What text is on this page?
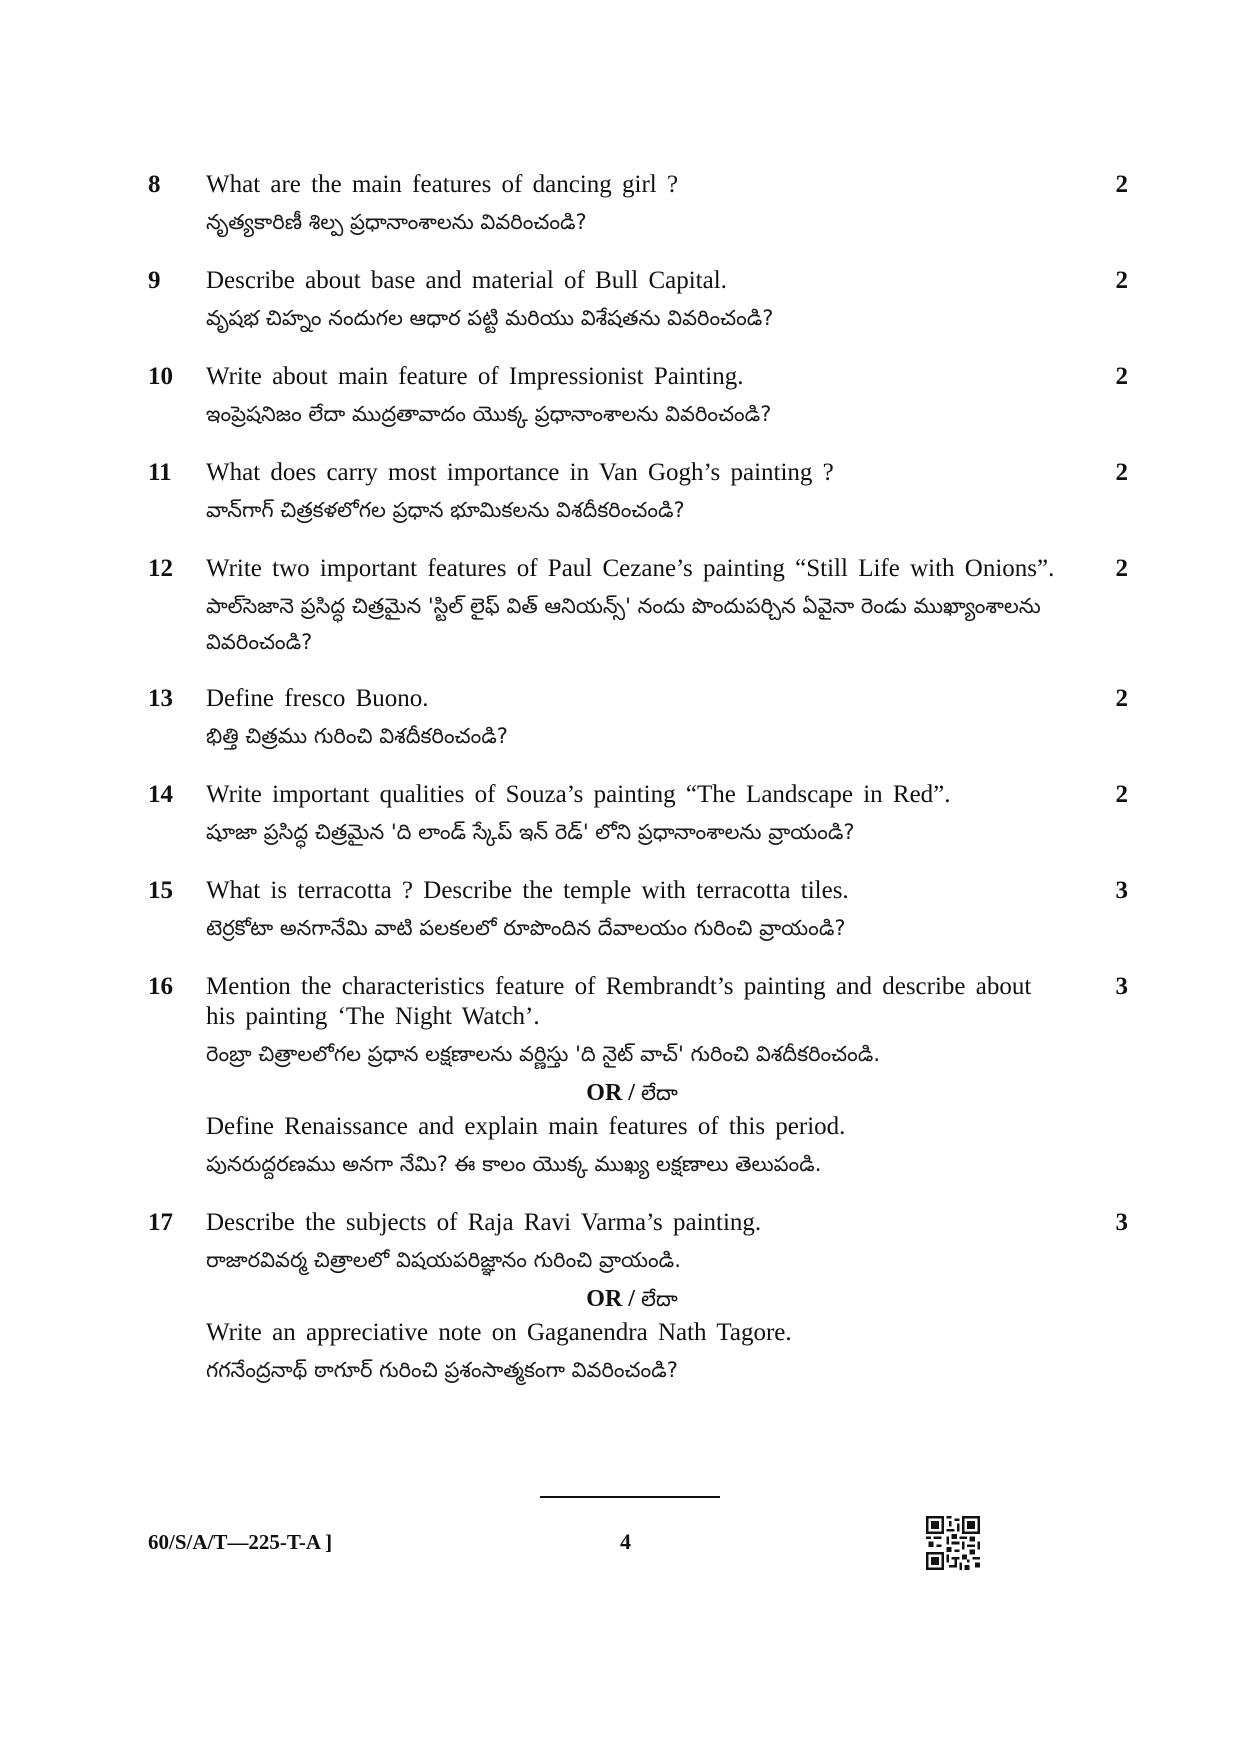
8 What are the main features of dancing girl ?

నృత్యకారిణీ శిల్ప ప్రధానాంశాలను వివరించండి?

2
9 Describe about base and material of Bull Capital.

వృషభ చిహ్నం నందుగల ఆధార పట్టి మరియు విశేషతను వివరించండి?

2
10 Write about main feature of Impressionist Painting.

ఇంప్రెషనిజం లేదా ముద్రతావాదం యొక్క ప్రధానాంశాలను వివరించండి?

2
11 What does carry most importance in Van Gogh’s painting ?

వాన్‌గాగ్ చిత్రకళలోగల ప్రధాన భూమికలను విశదీకరించండి?

2
12 Write two important features of Paul Cezane’s painting “Still Life with Onions”.

పాల్‌సెజానె ప్రసిద్ధ చిత్రమైన 'స్టిల్ లైఫ్ విత్ ఆనియన్స్' నందు పొందుపర్చిన ఏవైనా రెండు ముఖ్యాంశాలను వివరించండి?

2
13 Define fresco Buono.

భిత్తి చిత్రము గురించి విశదీకరించండి?

2
14 Write important qualities of Souza’s painting “The Landscape in Red”.

షూజా ప్రసిద్ధ చిత్రమైన 'ది లాండ్ స్కేప్ ఇన్ రెడ్' లోని ప్రధానాంశాలను వ్రాయండి?

2
15 What is terracotta ? Describe the temple with terracotta tiles.

టెర్రకోటా అనగానేమి వాటి పలకలలో రూపొందిన దేవాలయం గురించి వ్రాయండి?

3
16 Mention the characteristics feature of Rembrandt’s painting and describe about his painting ‘The Night Watch’.

రెంబ్రా చిత్రాలలోగల ప్రధాన లక్షణాలను వర్ణిస్తు 'ది నైట్ వాచ్' గురించి విశదీకరించండి.

OR / లేదా

Define Renaissance and explain main features of this period.

పునరుద్దరణము అనగా నేమి? ఈ కాలం యొక్క ముఖ్య లక్షణాలు తెలుపండి.

3
17 Describe the subjects of Raja Ravi Varma’s painting.

రాజారవివర్మ చిత్రాలలో విషయపరిజ్ఞానం గురించి వ్రాయండి.

OR / లేదా

Write an appreciative note on Gaganendra Nath Tagore.

గగనేంద్రనాథ్ ఠాగూర్ గురించి ప్రశంసాత్మకంగా వివరించండి?

3
60/S/A/T—225-T-A ]	4
